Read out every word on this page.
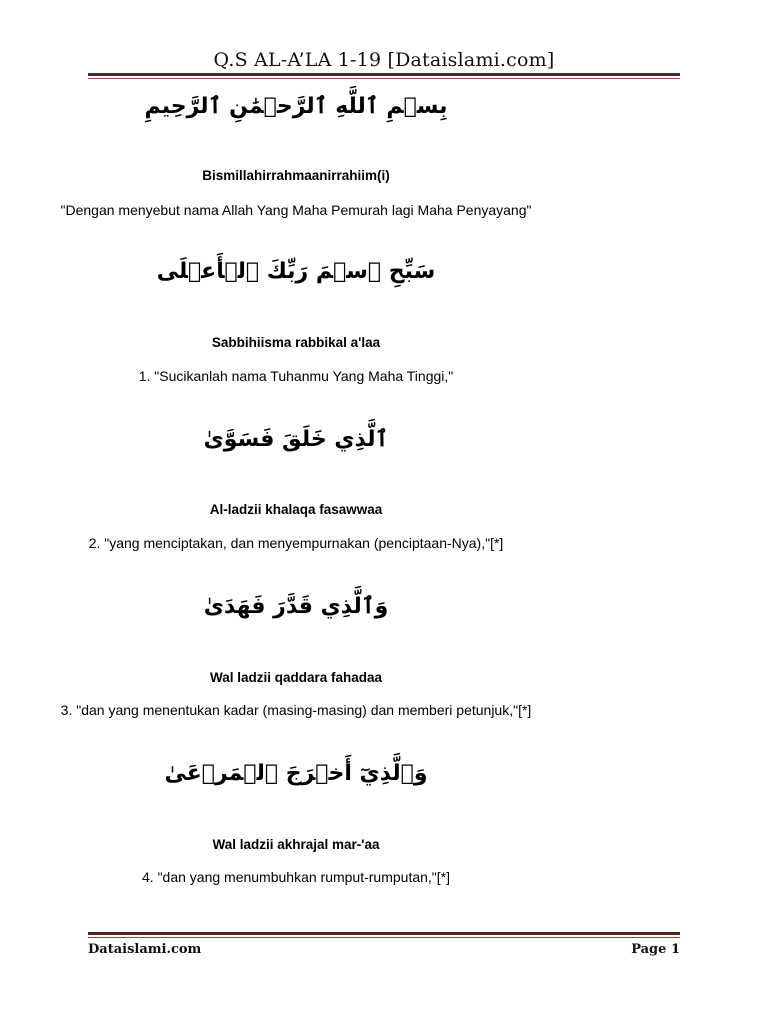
Q.S AL-A’LA 1-19 [Dataislami.com]
بِسۡمِ ٱللَّهِ ٱلرَّحۡمَٰنِ ٱلرَّحِيمِ
Bismillahirrahmaanirrahiim(i)
"Dengan menyebut nama Allah Yang Maha Pemurah lagi Maha Penyayang"
سَبِّحِ ٱسۡمَ رَبِّكَ ٱلۡأَعۡلَى
Sabbihiisma rabbikal a'laa
1. "Sucikanlah nama Tuhanmu Yang Maha Tinggi,"
ٱلَّذِي خَلَقَ فَسَوَّىٰ
Al-ladzii khalaqa fasawwaa
2. "yang menciptakan, dan menyempurnakan (penciptaan-Nya),"[*]
وَٱلَّذِي قَدَّرَ فَهَدَىٰ
Wal ladzii qaddara fahadaa
3. "dan yang menentukan kadar (masing-masing) dan memberi petunjuk,"[*]
وَٱلَّذِيٓ أَخۡرَجَ ٱلۡمَرۡعَىٰ
Wal ladzii akhrajal mar-'aa
4. "dan yang menumbuhkan rumput-rumputan,"[*]
Dataislami.com	Page 1
